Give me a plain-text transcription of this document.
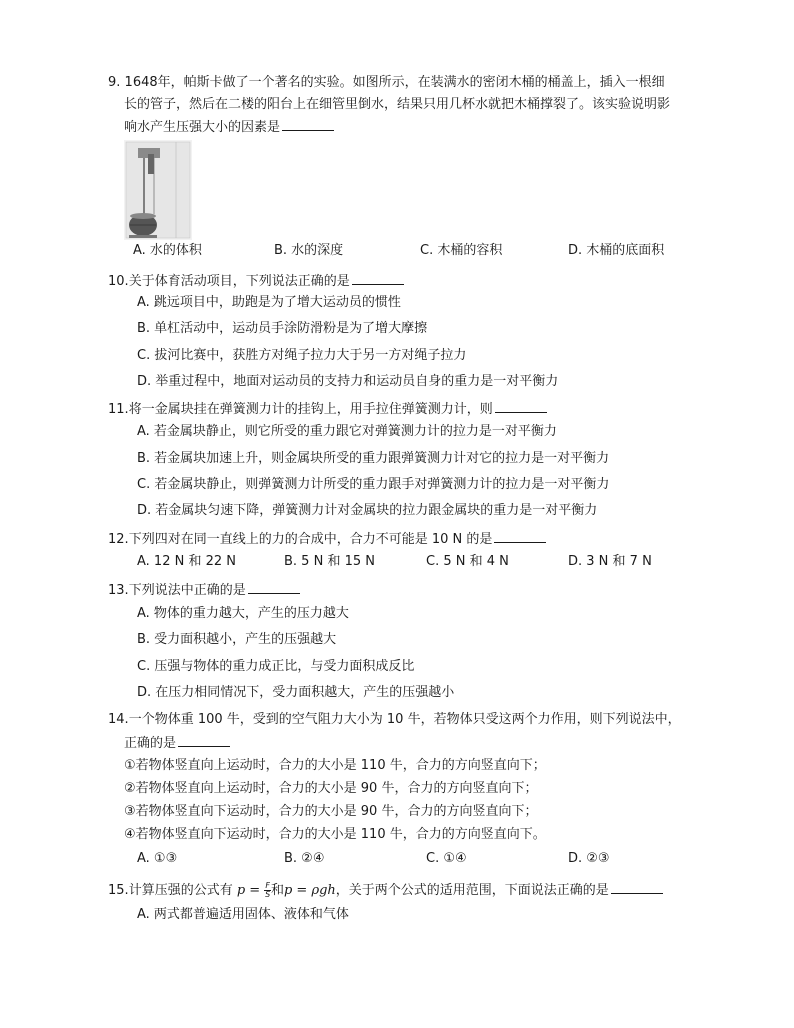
9. 1648年，帕斯卡做了一个著名的实验。如图所示，在装满水的密闭木桶的桶盖上，插入一根细
长的管子，然后在二楼的阳台上在细管里倒水，结果只用几杯水就把木桶撑裂了。该实验说明影
响水产生压强大小的因素是
A. 水的体积	B. 水的深度	C. 木桶的容积	D. 木桶的底面积
10.关于体育活动项目，下列说法正确的是
A. 跳远项目中，助跑是为了增大运动员的惯性
B. 单杠活动中，运动员手涂防滑粉是为了增大摩擦
C. 拔河比赛中，获胜方对绳子拉力大于另一方对绳子拉力
D. 举重过程中，地面对运动员的支持力和运动员自身的重力是一对平衡力
11.将一金属块挂在弹簧测力计的挂钩上，用手拉住弹簧测力计，则
A. 若金属块静止，则它所受的重力跟它对弹簧测力计的拉力是一对平衡力
B. 若金属块加速上升，则金属块所受的重力跟弹簧测力计对它的拉力是一对平衡力
C. 若金属块静止，则弹簧测力计所受的重力跟手对弹簧测力计的拉力是一对平衡力
D. 若金属块匀速下降，弹簧测力计对金属块的拉力跟金属块的重力是一对平衡力
12.下列四对在同一直线上的力的合成中，合力不可能是 10 N 的是
A. 12 N 和 22 N	B. 5 N 和 15 N	C. 5 N 和 4 N	D. 3 N 和 7 N
13.下列说法中正确的是
A. 物体的重力越大，产生的压力越大
B. 受力面积越小，产生的压强越大
C. 压强与物体的重力成正比，与受力面积成反比
D. 在压力相同情况下，受力面积越大，产生的压强越小
14.一个物体重 100 牛，受到的空气阻力大小为 10 牛，若物体只受这两个力作用，则下列说法中，
正确的是
①若物体竖直向上运动时，合力的大小是 110 牛，合力的方向竖直向下；
②若物体竖直向上运动时，合力的大小是 90 牛，合力的方向竖直向下；
③若物体竖直向下运动时，合力的大小是 90 牛，合力的方向竖直向下；
④若物体竖直向下运动时，合力的大小是 110 牛，合力的方向竖直向下。
A. ①③	B. ②④	C. ①④	D. ②③
15.计算压强的公式有 $p = \frac{F}{S}$ 和p = ρgh，关于两个公式的适用范围，下面说法正确的是
A. 两式都普遍适用固体、液体和气体
